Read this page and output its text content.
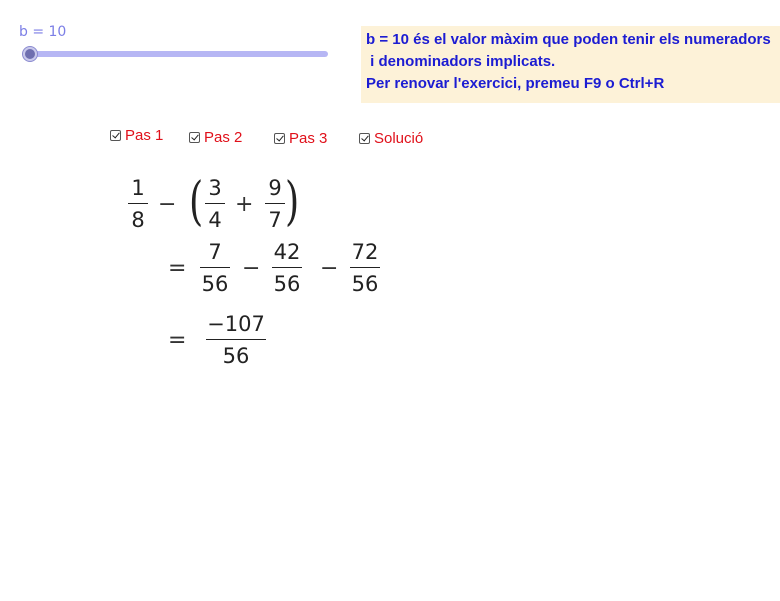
b = 10	b = 10 és el valor màxim que poden tenir els numeradors
i denominadors implicats.
Per renovar l'exercici, premeu F9 o Ctrl+R
Pas 1	Pas 2	Pas 3	Solució
1
8
− ( 3
4
+
9
7 )
=
7
56
−
42
56
−
72
56
=
−107
56
